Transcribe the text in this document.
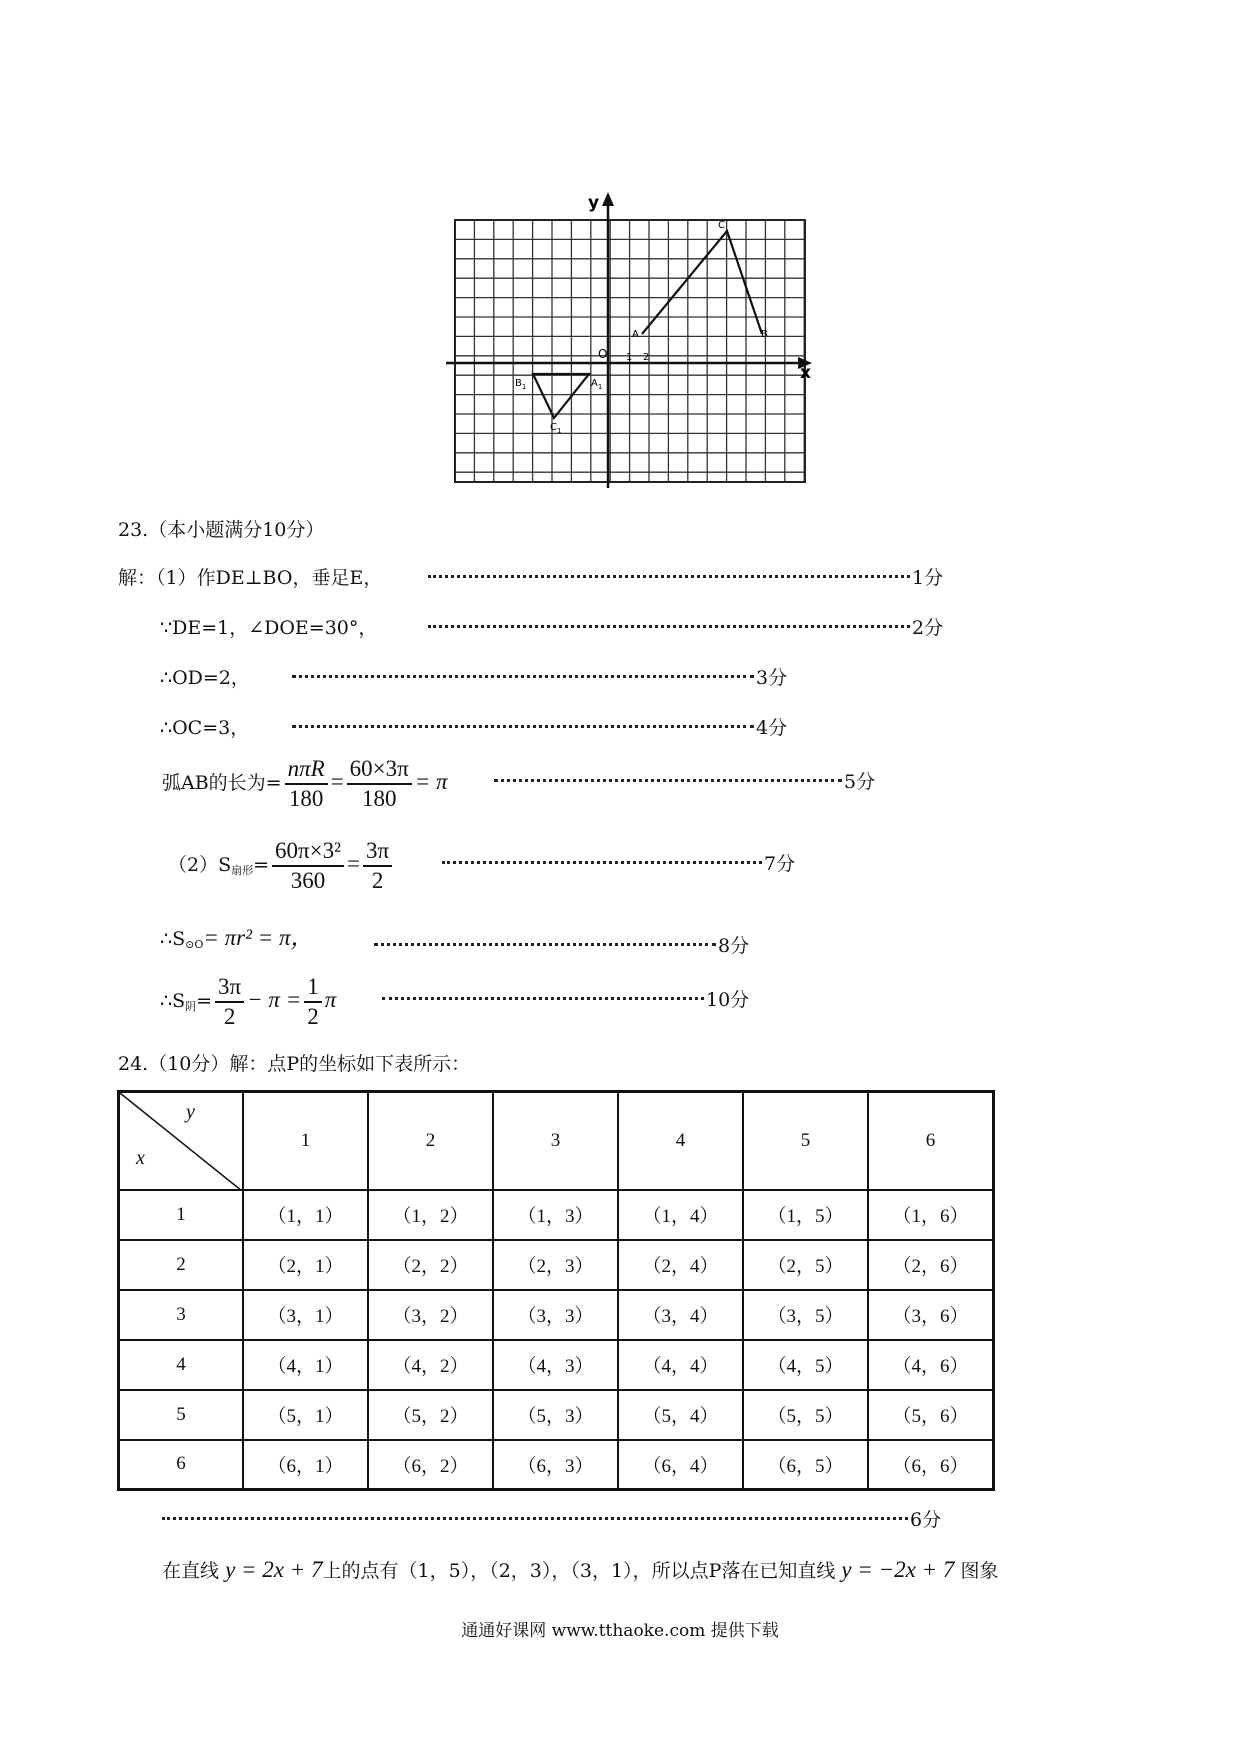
x
y
O 1 2
A	B
C
$B_1$	$A_1$
$C_1$
23.（本小题满分10分）
解：（1）作DE⊥BO，垂足E，	1分
∵DE=1，∠DOE=30°，	2分
∴OD=2，	3分
∴OC=3，	4分
弧AB的长为= $\frac{\text{nπR}}{180} = \frac{60\times 3\pi}{180} = \pi$	5分
$(2)S_{扇形}= \frac{\text{60π×3²}}{360} = \frac{3\pi}{2}$	7分
$\therefore S_{⊙O}= \pi r^2 = \pi$，	8分
$\therefore S_阴= \frac{3\pi}{2} - \pi = \frac{1}{2}$ π	10分
24.（10分）解：点P的坐标如下表所示：
y
x	1	2	3	4	5	6
1	（1，1）	（1，2）	（1，3）	（1，4）	（1，5）	（1，6）
2	（2，1）	（2，2）	（2，3）	（2，4）	（2，5）	（2，6）
3	（3，1）	（3，2）	（3，3）	（3，4）	（3，5）	（3，6）
4	（4，1）	（4，2）	（4，3）	（4，4）	（4，5）	（4，6）
5	（5，1）	（5，2）	（5，3）	（5，4）	（5，5）	（5，6）
6	（6，1）	（6，2）	（6，3）	（6，4）	（6，5）	（6，6）
6分
在直线 y = 2x + 7上的点有（1，5），（2，3），（3，1），所以点P落在已知直线 y = −2x + 7 图象
通通好课网 www.tthaoke.com 提供下载
